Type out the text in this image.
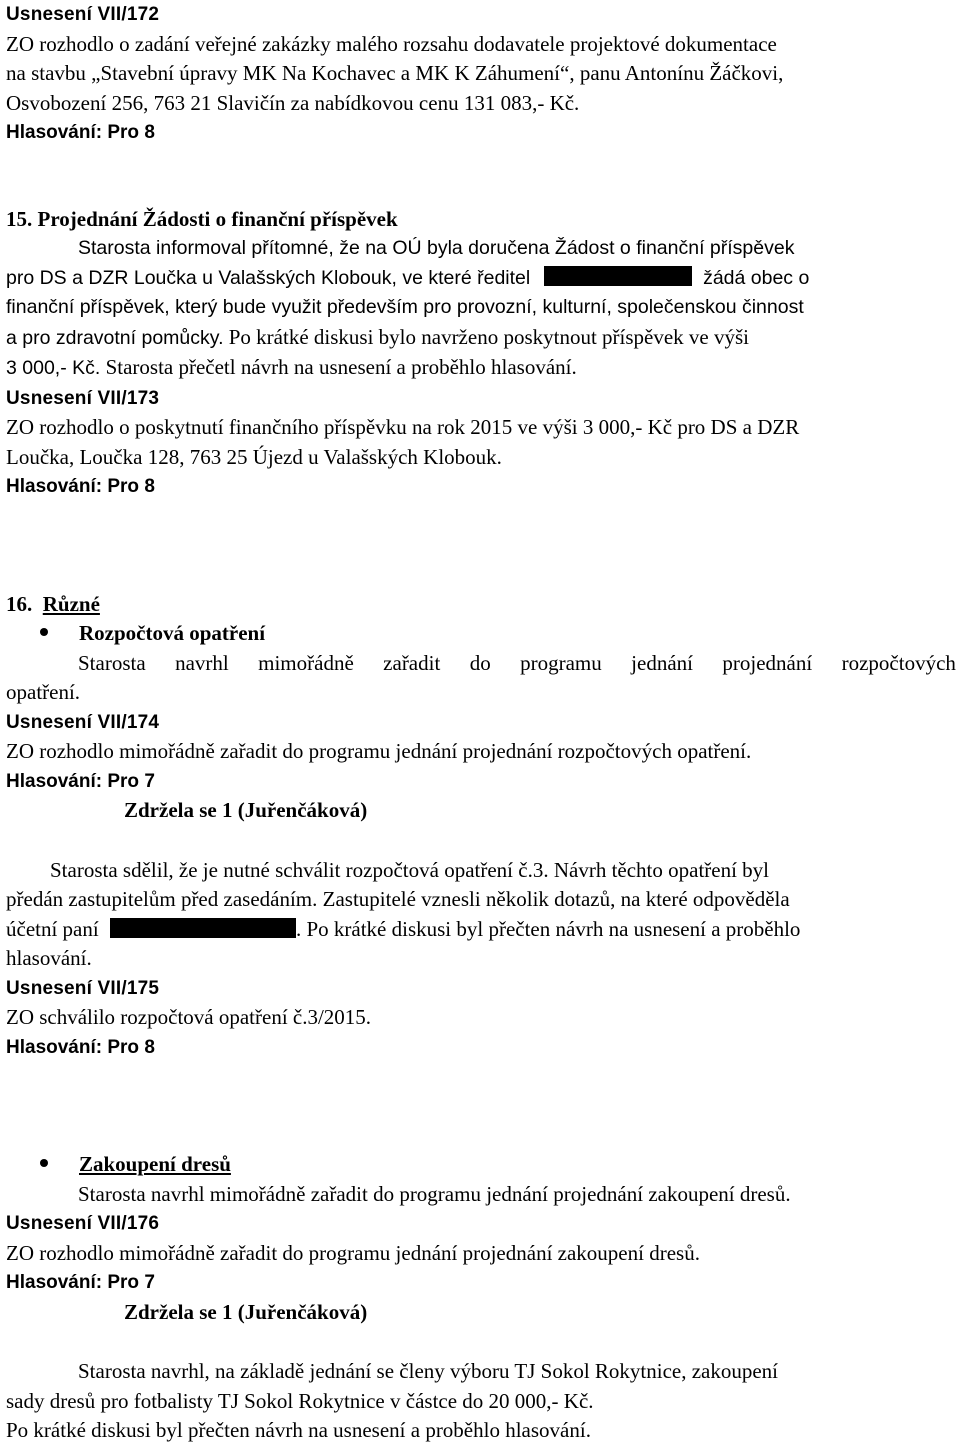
Usnesení VII/172
ZO rozhodlo o zadání veřejné zakázky malého rozsahu dodavatele projektové dokumentace
na stavbu „Stavební úpravy MK Na Kochavec a MK K Záhumení“, panu Antonínu Žáčkovi,
Osvobození 256, 763 21 Slavičín za nabídkovou cenu 131 083,- Kč.
Hlasování: Pro 8
15. Projednání Žádosti o finanční příspěvek
Starosta informoval přítomné, že na OÚ byla doručena Žádost o finanční příspěvek
pro DS a DZR Loučka u Valašských Klobouk, ve které ředitel	žádá obec o
finanční příspěvek, který bude využit především pro provozní, kulturní, společenskou činnost
a pro zdravotní pomůcky. Po krátké diskusi bylo navrženo poskytnout příspěvek ve výši
3 000,- Kč. Starosta přečetl návrh na usnesení a proběhlo hlasování.
Usnesení VII/173
ZO rozhodlo o poskytnutí finančního příspěvku na rok 2015 ve výši 3 000,- Kč pro DS a DZR
Loučka, Loučka 128, 763 25 Újezd u Valašských Klobouk.
Hlasování: Pro 8
16. Různé
Rozpočtová opatření
Starosta navrhl mimořádně zařadit do programu jednání projednání rozpočtových
opatření.
Usnesení VII/174
ZO rozhodlo mimořádně zařadit do programu jednání projednání rozpočtových opatření.
Hlasování: Pro 7
Zdržela se 1 (Juřenčáková)
Starosta sdělil, že je nutné schválit rozpočtová opatření č.3. Návrh těchto opatření byl
předán zastupitelům před zasedáním. Zastupitelé vznesli několik dotazů, na které odpověděla
účetní paní	. Po krátké diskusi byl přečten návrh na usnesení a proběhlo
hlasování.
Usnesení VII/175
ZO schválilo rozpočtová opatření č.3/2015.
Hlasování: Pro 8
Zakoupení dresů
Starosta navrhl mimořádně zařadit do programu jednání projednání zakoupení dresů.
Usnesení VII/176
ZO rozhodlo mimořádně zařadit do programu jednání projednání zakoupení dresů.
Hlasování: Pro 7
Zdržela se 1 (Juřenčáková)
Starosta navrhl, na základě jednání se členy výboru TJ Sokol Rokytnice, zakoupení
sady dresů pro fotbalisty TJ Sokol Rokytnice v částce do 20 000,- Kč.
Po krátké diskusi byl přečten návrh na usnesení a proběhlo hlasování.
